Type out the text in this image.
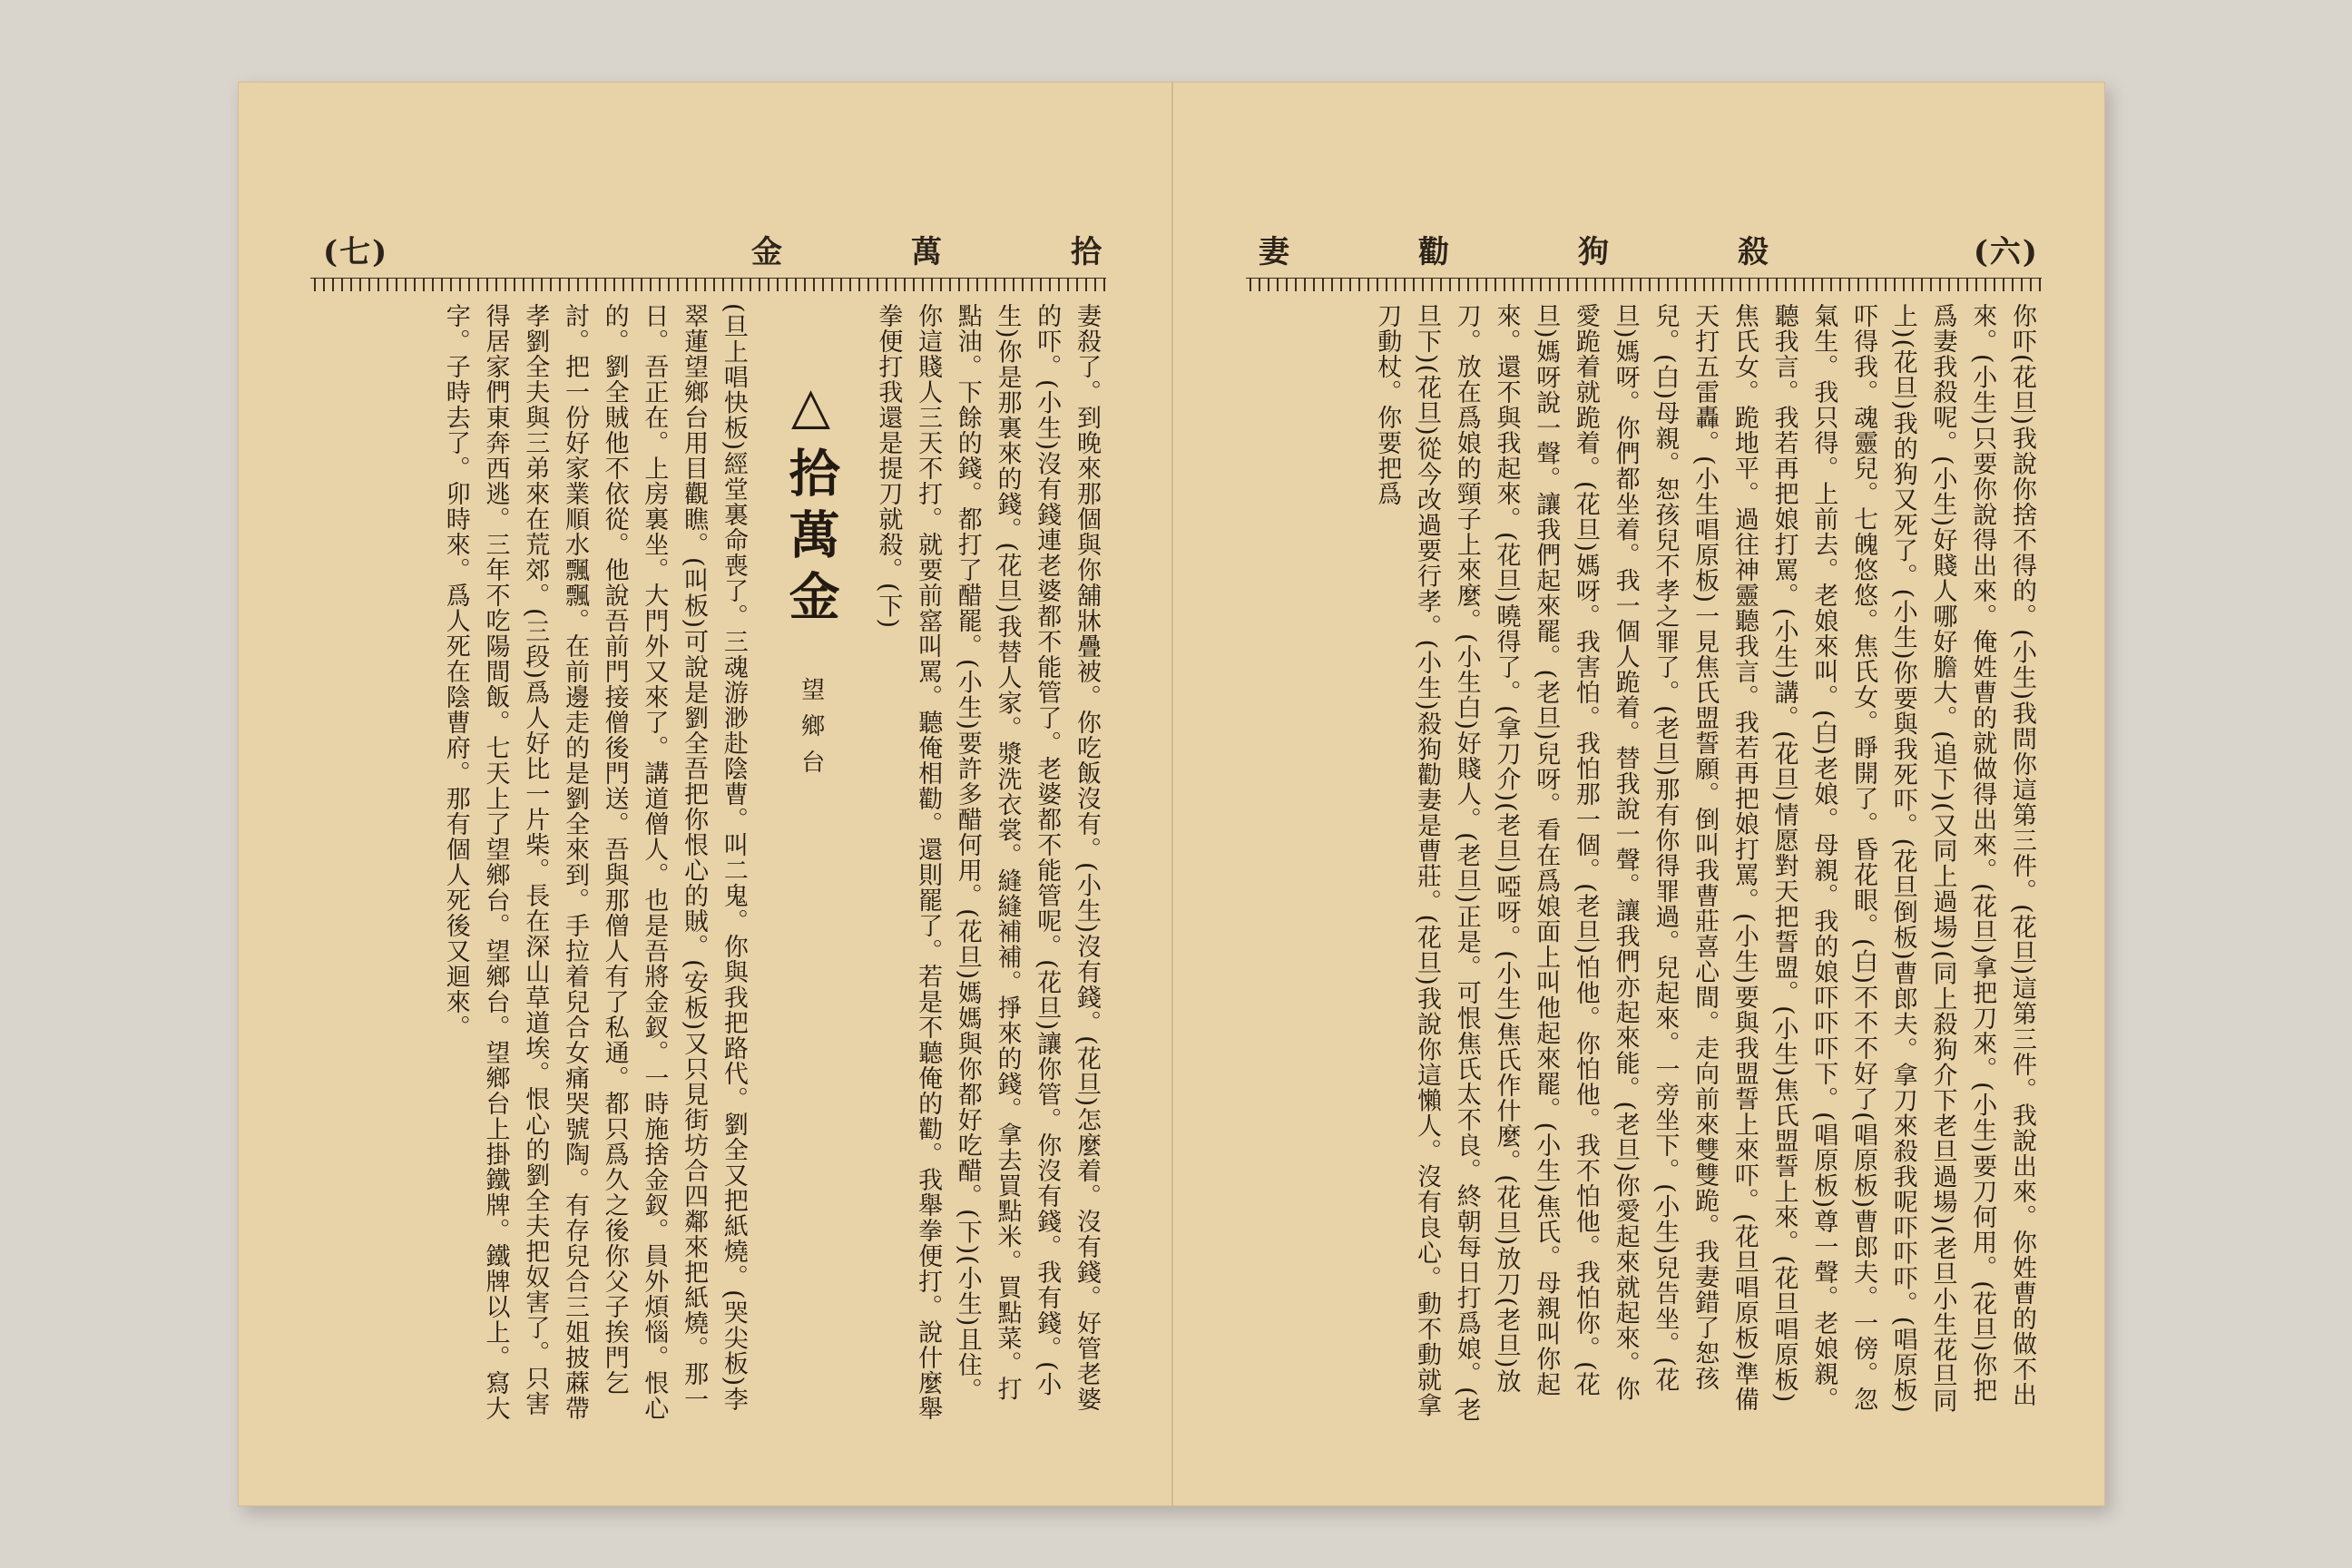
拾
萬
金
(七)

妻殺了。到晚來那個與你舖牀疊被。你吃飯沒有。(小生)沒有錢。(花旦)怎麼着。沒有錢。好管老婆的吓。(小生)沒有錢連老婆都不能管了。老婆都不能管呢。(花旦)讓你管。你沒有錢。我有錢。(小生)你是那裏來的錢。(花旦)我替人家。漿洗衣裳。縫縫補補。掙來的錢。拿去買點米。買點菜。打點油。下餘的錢。都打了醋罷。(小生)要許多醋何用。(花旦)媽媽與你都好吃醋。(下)(小生)且住。你這賤人三天不打。就要前窰叫罵。聽俺相勸。還則罷了。若是不聽俺的勸。我舉拳便打。說什麼舉拳便打我還是提刀就殺。(下)

△拾萬金 望鄉台

(旦上唱快板)經堂裏命喪了。三魂游渺赴陰曹。叫二鬼。你與我把路代。劉全又把紙燒。(哭尖板)李翠蓮望鄉台用目觀瞧。(叫板)可說是劉全吾把你恨心的賊。(安板)又只見街坊合四鄰來把紙燒。那一日。吾正在。上房裏坐。大門外又來了。講道僧人。也是吾將金釵。一時施捨金釵。員外煩惱。恨心的。劉全賊他不依從。他說吾前門接僧後門送。吾與那僧人有了私通。都只爲久之後你父子挨門乞討。把一份好家業順水飄飄。在前邊走的是劉全來到。手拉着兒合女痛哭號陶。有存兒合三姐披蔴帶孝劉全夫與三弟來在荒郊。(三段)爲人好比一片柴。長在深山草道埃。恨心的劉全夫把奴害了。只害得居家們東奔西逃。三年不吃陽間飯。七天上了望鄉台。望鄉台。望鄉台上掛鐵牌。鐵牌以上。寫大字。子時去了。卯時來。爲人死在陰曹府。那有個人死後又迴來。

(六)
殺
狗
勸
妻

你吓(花旦)我說你捨不得的。(小生)我問你這第三件。(花旦)這第三件。我說出來。你姓曹的做不出來。(小生)只要你說得出來。俺姓曹的就做得出來。(花旦)拿把刀來。(小生)要刀何用。(花旦)你把爲妻我殺呢。(小生)好賤人哪好膽大。(追下)(又同上過場)(同上殺狗介下老旦過場)(老旦小生花旦同上)(花旦)我的狗又死了。(小生)你要與我死吓。(花旦倒板)曹郎夫。拿刀來殺我呢吓吓吓。(唱原板)吓得我。魂靈兒。七魄悠悠。焦氏女。睜開了。昏花眼。(白)不不不好了(唱原板)曹郎夫。一傍。忽氣生。我只得。上前去。老娘來叫。(白)老娘。母親。我的娘吓吓吓下。(唱原板)尊一聲。老娘親。聽我言。我若再把娘打罵。(小生)講。(花旦)情愿對天把誓盟。(小生)焦氏盟誓上來。(花旦唱原板)焦氏女。跪地平。過往神靈聽我言。我若再把娘打罵。(小生)要與我盟誓上來吓。(花旦唱原板)準備天打五雷轟。(小生唱原板)一見焦氏盟誓願。倒叫我曹莊喜心間。走向前來雙雙跪。我妻錯了恕孩兒。(白)母親。恕孩兒不孝之罪了。(老旦)那有你得罪過。兒起來。一旁坐下。(小生)兒告坐。(花旦)媽呀。你們都坐着。我一個人跪着。替我說一聲。讓我們亦起來能。(老旦)你愛起來就起來。你愛跪着就跪着。(花旦)媽呀。我害怕。我怕那一個。(老旦)怕他。你怕他。我不怕他。我怕你。(花旦)媽呀說一聲。讓我們起來罷。(老旦)兒呀。看在爲娘面上叫他起來罷。(小生)焦氏。母親叫你起來。還不與我起來。(花旦)曉得了。(拿刀介)(老旦)啞呀。(小生)焦氏作什麼。(花旦)放刀(老旦)放刀。放在爲娘的頸子上來麼。(小生白)好賤人。(老旦)正是。可恨焦氏太不良。終朝每日打爲娘。(老旦下)(花旦)從今改過要行孝。(小生)殺狗勸妻是曹莊。(花旦)我說你這懶人。沒有良心。動不動就拿刀動杖。你要把爲
